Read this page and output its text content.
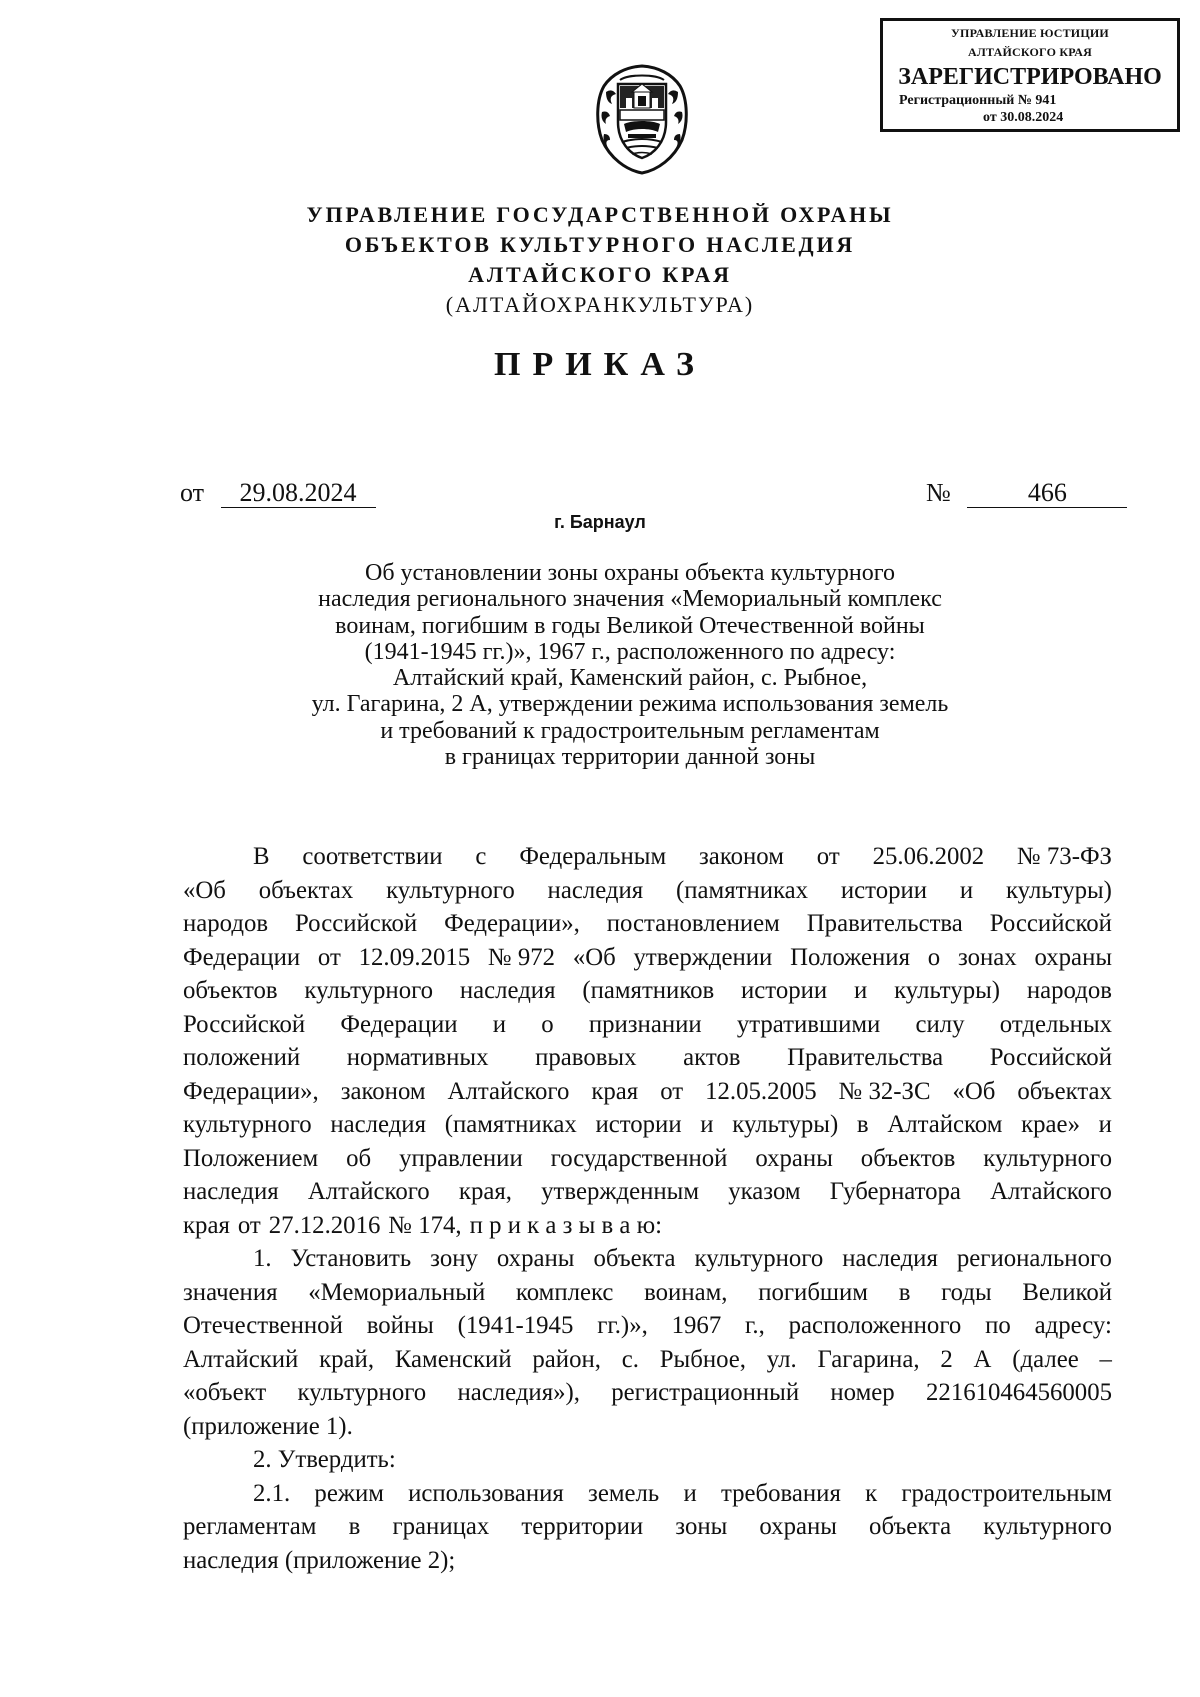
УПРАВЛЕНИЕ ЮСТИЦИИ
АЛТАЙСКОГО КРАЯ
ЗАРЕГИСТРИРОВАНО
Регистрационный № 941
от 30.08.2024
УПРАВЛЕНИЕ ГОСУДАРСТВЕННОЙ ОХРАНЫ
ОБЪЕКТОВ КУЛЬТУРНОГО НАСЛЕДИЯ
АЛТАЙСКОГО КРАЯ
(АЛТАЙОХРАНКУЛЬТУРА)
ПРИКАЗ
от 29.08.2024	№	466
г. Барнаул
Об установлении зоны охраны объекта культурного
наследия регионального значения «Мемориальный комплекс
воинам, погибшим в годы Великой Отечественной войны
(1941-1945 гг.)», 1967 г., расположенного по адресу:
Алтайский край, Каменский район, с. Рыбное,
ул. Гагарина, 2 А, утверждении режима использования земель
и требований к градостроительным регламентам
в границах территории данной зоны
В соответствии с Федеральным законом от 25.06.2002 № 73-ФЗ
«Об объектах культурного наследия (памятниках истории и культуры)
народов Российской Федерации», постановлением Правительства Российской
Федерации от 12.09.2015 № 972 «Об утверждении Положения о зонах охраны
объектов культурного наследия (памятников истории и культуры) народов
Российской Федерации и о признании утратившими силу отдельных
положений нормативных правовых актов Правительства Российской
Федерации», законом Алтайского края от 12.05.2005 № 32-ЗС «Об объектах
культурного наследия (памятниках истории и культуры) в Алтайском крае» и
Положением об управлении государственной охраны объектов культурного
наследия Алтайского края, утвержденным указом Губернатора Алтайского
края от 27.12.2016 № 174, п р и к а з ы в а ю:
1. Установить зону охраны объекта культурного наследия регионального
значения «Мемориальный комплекс воинам, погибшим в годы Великой
Отечественной войны (1941-1945 гг.)», 1967 г., расположенного по адресу:
Алтайский край, Каменский район, с. Рыбное, ул. Гагарина, 2 А (далее –
«объект культурного наследия»), регистрационный номер 221610464560005
(приложение 1).
2. Утвердить:
2.1. режим использования земель и требования к градостроительным
регламентам в границах территории зоны охраны объекта культурного
наследия (приложение 2);
